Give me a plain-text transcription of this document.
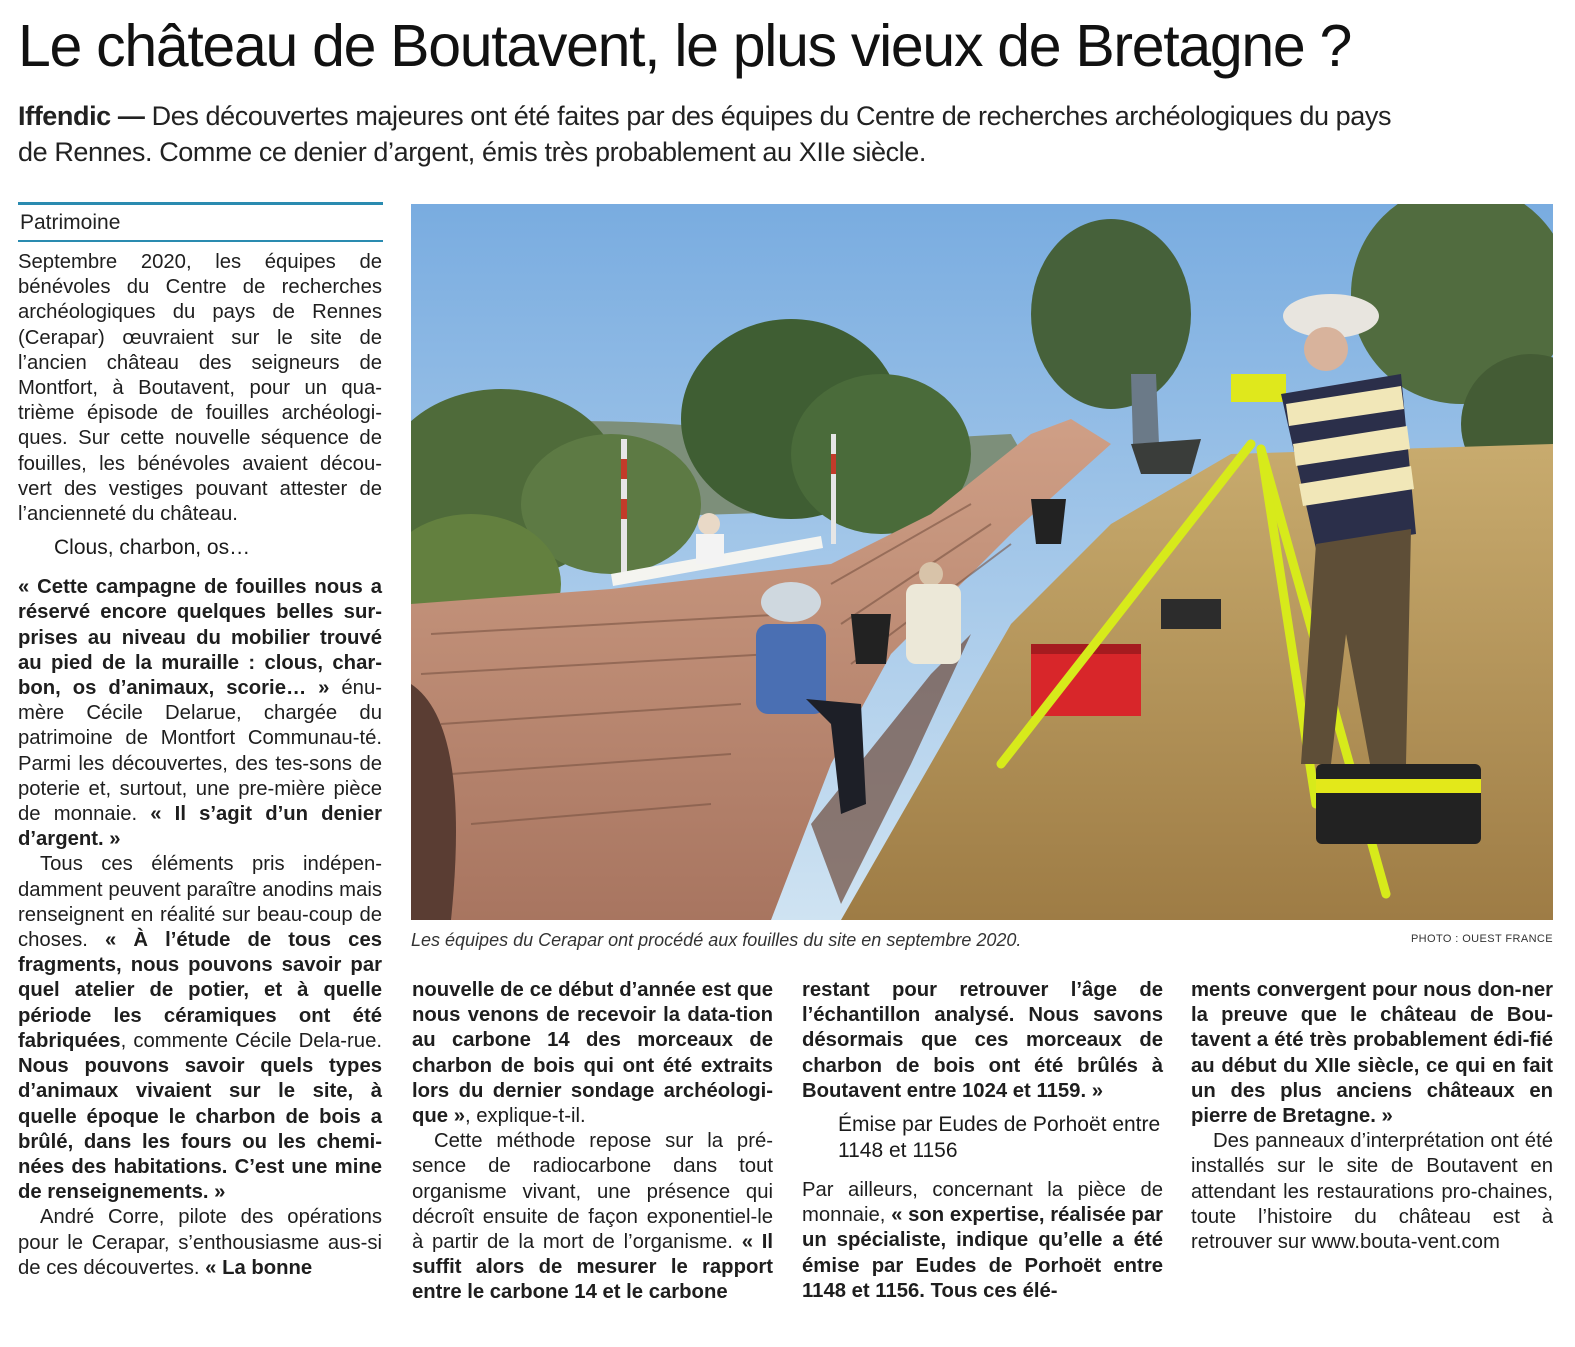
Le château de Boutavent, le plus vieux de Bretagne ?
Iffendic — Des découvertes majeures ont été faites par des équipes du Centre de recherches archéologiques du pays de Rennes. Comme ce denier d’argent, émis très probablement au XIIe siècle.
Patrimoine

Septembre 2020, les équipes de bénévoles du Centre de recherches archéologiques du pays de Rennes (Cerapar) œuvraient sur le site de l’ancien château des seigneurs de Montfort, à Boutavent, pour un qua-trième épisode de fouilles archéologi-ques. Sur cette nouvelle séquence de fouilles, les bénévoles avaient décou-vert des vestiges pouvant attester de l’ancienneté du château.

Clous, charbon, os…

« Cette campagne de fouilles nous a réservé encore quelques belles sur-prises au niveau du mobilier trouvé au pied de la muraille : clous, char-bon, os d’animaux, scorie… » énu-mère Cécile Delarue, chargée du patrimoine de Montfort Communau-té. Parmi les découvertes, des tes-sons de poterie et, surtout, une pre-mière pièce de monnaie. « Il s’agit d’un denier d’argent. »

Tous ces éléments pris indépen-damment peuvent paraître anodins mais renseignent en réalité sur beau-coup de choses. « À l’étude de tous ces fragments, nous pouvons savoir par quel atelier de potier, et à quelle période les céramiques ont été fabriquées, commente Cécile Dela-rue. Nous pouvons savoir quels types d’animaux vivaient sur le site, à quelle époque le charbon de bois a brûlé, dans les fours ou les chemi-nées des habitations. C’est une mine de renseignements. »

André Corre, pilote des opérations pour le Cerapar, s’enthousiasme aus-si de ces découvertes. « La bonne

Les équipes du Cerapar ont procédé aux fouilles du site en septembre 2020.	PHOTO : OUEST FRANCE

nouvelle de ce début d’année est que nous venons de recevoir la data-tion au carbone 14 des morceaux de charbon de bois qui ont été extraits lors du dernier sondage archéologi-que », explique-t-il.

Cette méthode repose sur la pré-sence de radiocarbone dans tout organisme vivant, une présence qui décroît ensuite de façon exponentiel-le à partir de la mort de l’organisme. « Il suffit alors de mesurer le rapport entre le carbone 14 et le carbone

restant pour retrouver l’âge de l’échantillon analysé. Nous savons désormais que ces morceaux de charbon de bois ont été brûlés à Boutavent entre 1024 et 1159. »

Émise par Eudes de Porhoët entre 1148 et 1156

Par ailleurs, concernant la pièce de monnaie, « son expertise, réalisée par un spécialiste, indique qu’elle a été émise par Eudes de Porhoët entre 1148 et 1156. Tous ces élé-

ments convergent pour nous don-ner la preuve que le château de Bou-tavent a été très probablement édi-fié au début du XIIe siècle, ce qui en fait un des plus anciens châteaux en pierre de Bretagne. »

Des panneaux d’interprétation ont été installés sur le site de Boutavent en attendant les restaurations pro-chaines, toute l’histoire du château est à retrouver sur www.bouta-vent.com
